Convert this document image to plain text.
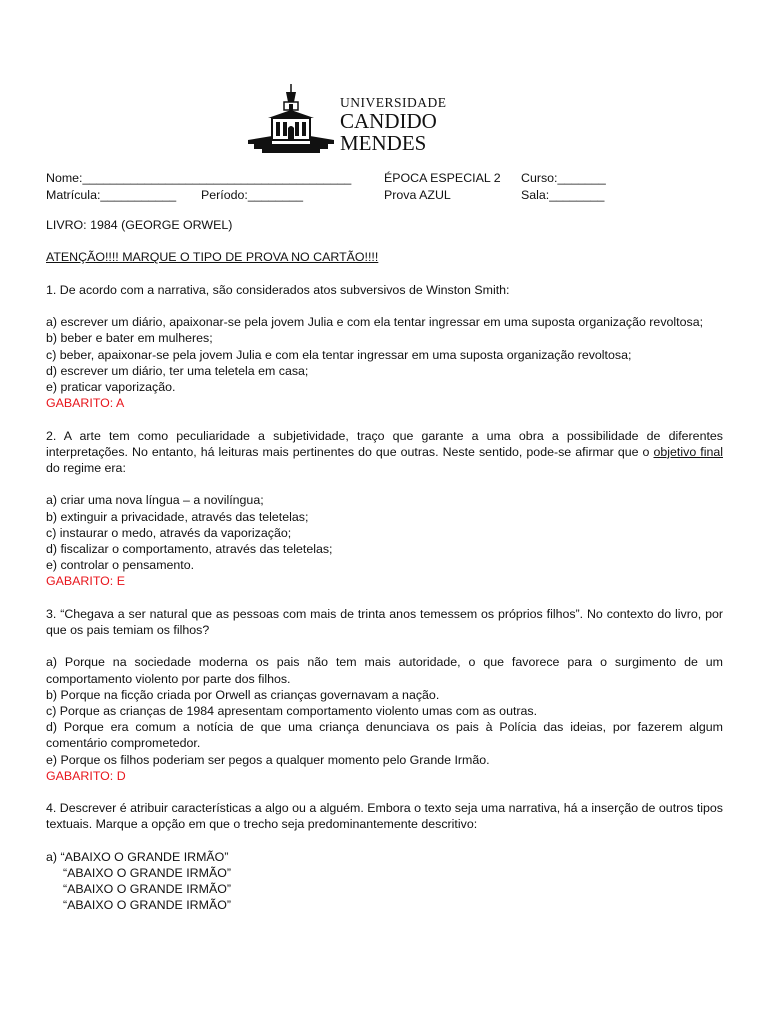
UNIVERSIDADE
CANDIDO
MENDES
Nome:_______________________________________	ÉPOCA ESPECIAL 2 Curso:_______
Matrícula:___________ Período:________	Prova AZUL	Sala:________

LIVRO: 1984 (GEORGE ORWEL)

ATENÇÃO!!!! MARQUE O TIPO DE PROVA NO CARTÃO!!!!

1. De acordo com a narrativa, são considerados atos subversivos de Winston Smith:

a) escrever um diário, apaixonar-se pela jovem Julia e com ela tentar ingressar em uma suposta organização revoltosa;

b) beber e bater em mulheres;

c) beber, apaixonar-se pela jovem Julia e com ela tentar ingressar em uma suposta organização revoltosa;

d) escrever um diário, ter uma teletela em casa;

e) praticar vaporização.

GABARITO: A

2. A arte tem como peculiaridade a subjetividade, traço que garante a uma obra a possibilidade de diferentes interpretações. No entanto, há leituras mais pertinentes do que outras. Neste sentido, pode-se afirmar que o objetivo final do regime era:

a) criar uma nova língua – a novilíngua;

b) extinguir a privacidade, através das teletelas;

c) instaurar o medo, através da vaporização;

d) fiscalizar o comportamento, através das teletelas;

e) controlar o pensamento.

GABARITO: E

3. “Chegava a ser natural que as pessoas com mais de trinta anos temessem os próprios filhos”. No contexto do livro, por que os pais temiam os filhos?

a) Porque na sociedade moderna os pais não tem mais autoridade, o que favorece para o surgimento de um comportamento violento por parte dos filhos.

b) Porque na ficção criada por Orwell as crianças governavam a nação.

c) Porque as crianças de 1984 apresentam comportamento violento umas com as outras.

d) Porque era comum a notícia de que uma criança denunciava os pais à Polícia das ideias, por fazerem algum comentário comprometedor.

e) Porque os filhos poderiam ser pegos a qualquer momento pelo Grande Irmão.

GABARITO: D

4. Descrever é atribuir características a algo ou a alguém. Embora o texto seja uma narrativa, há a inserção de outros tipos textuais. Marque a opção em que o trecho seja predominantemente descritivo:

a) “ABAIXO O GRANDE IRMÃO”

“ABAIXO O GRANDE IRMÃO”

“ABAIXO O GRANDE IRMÃO”

“ABAIXO O GRANDE IRMÃO”
